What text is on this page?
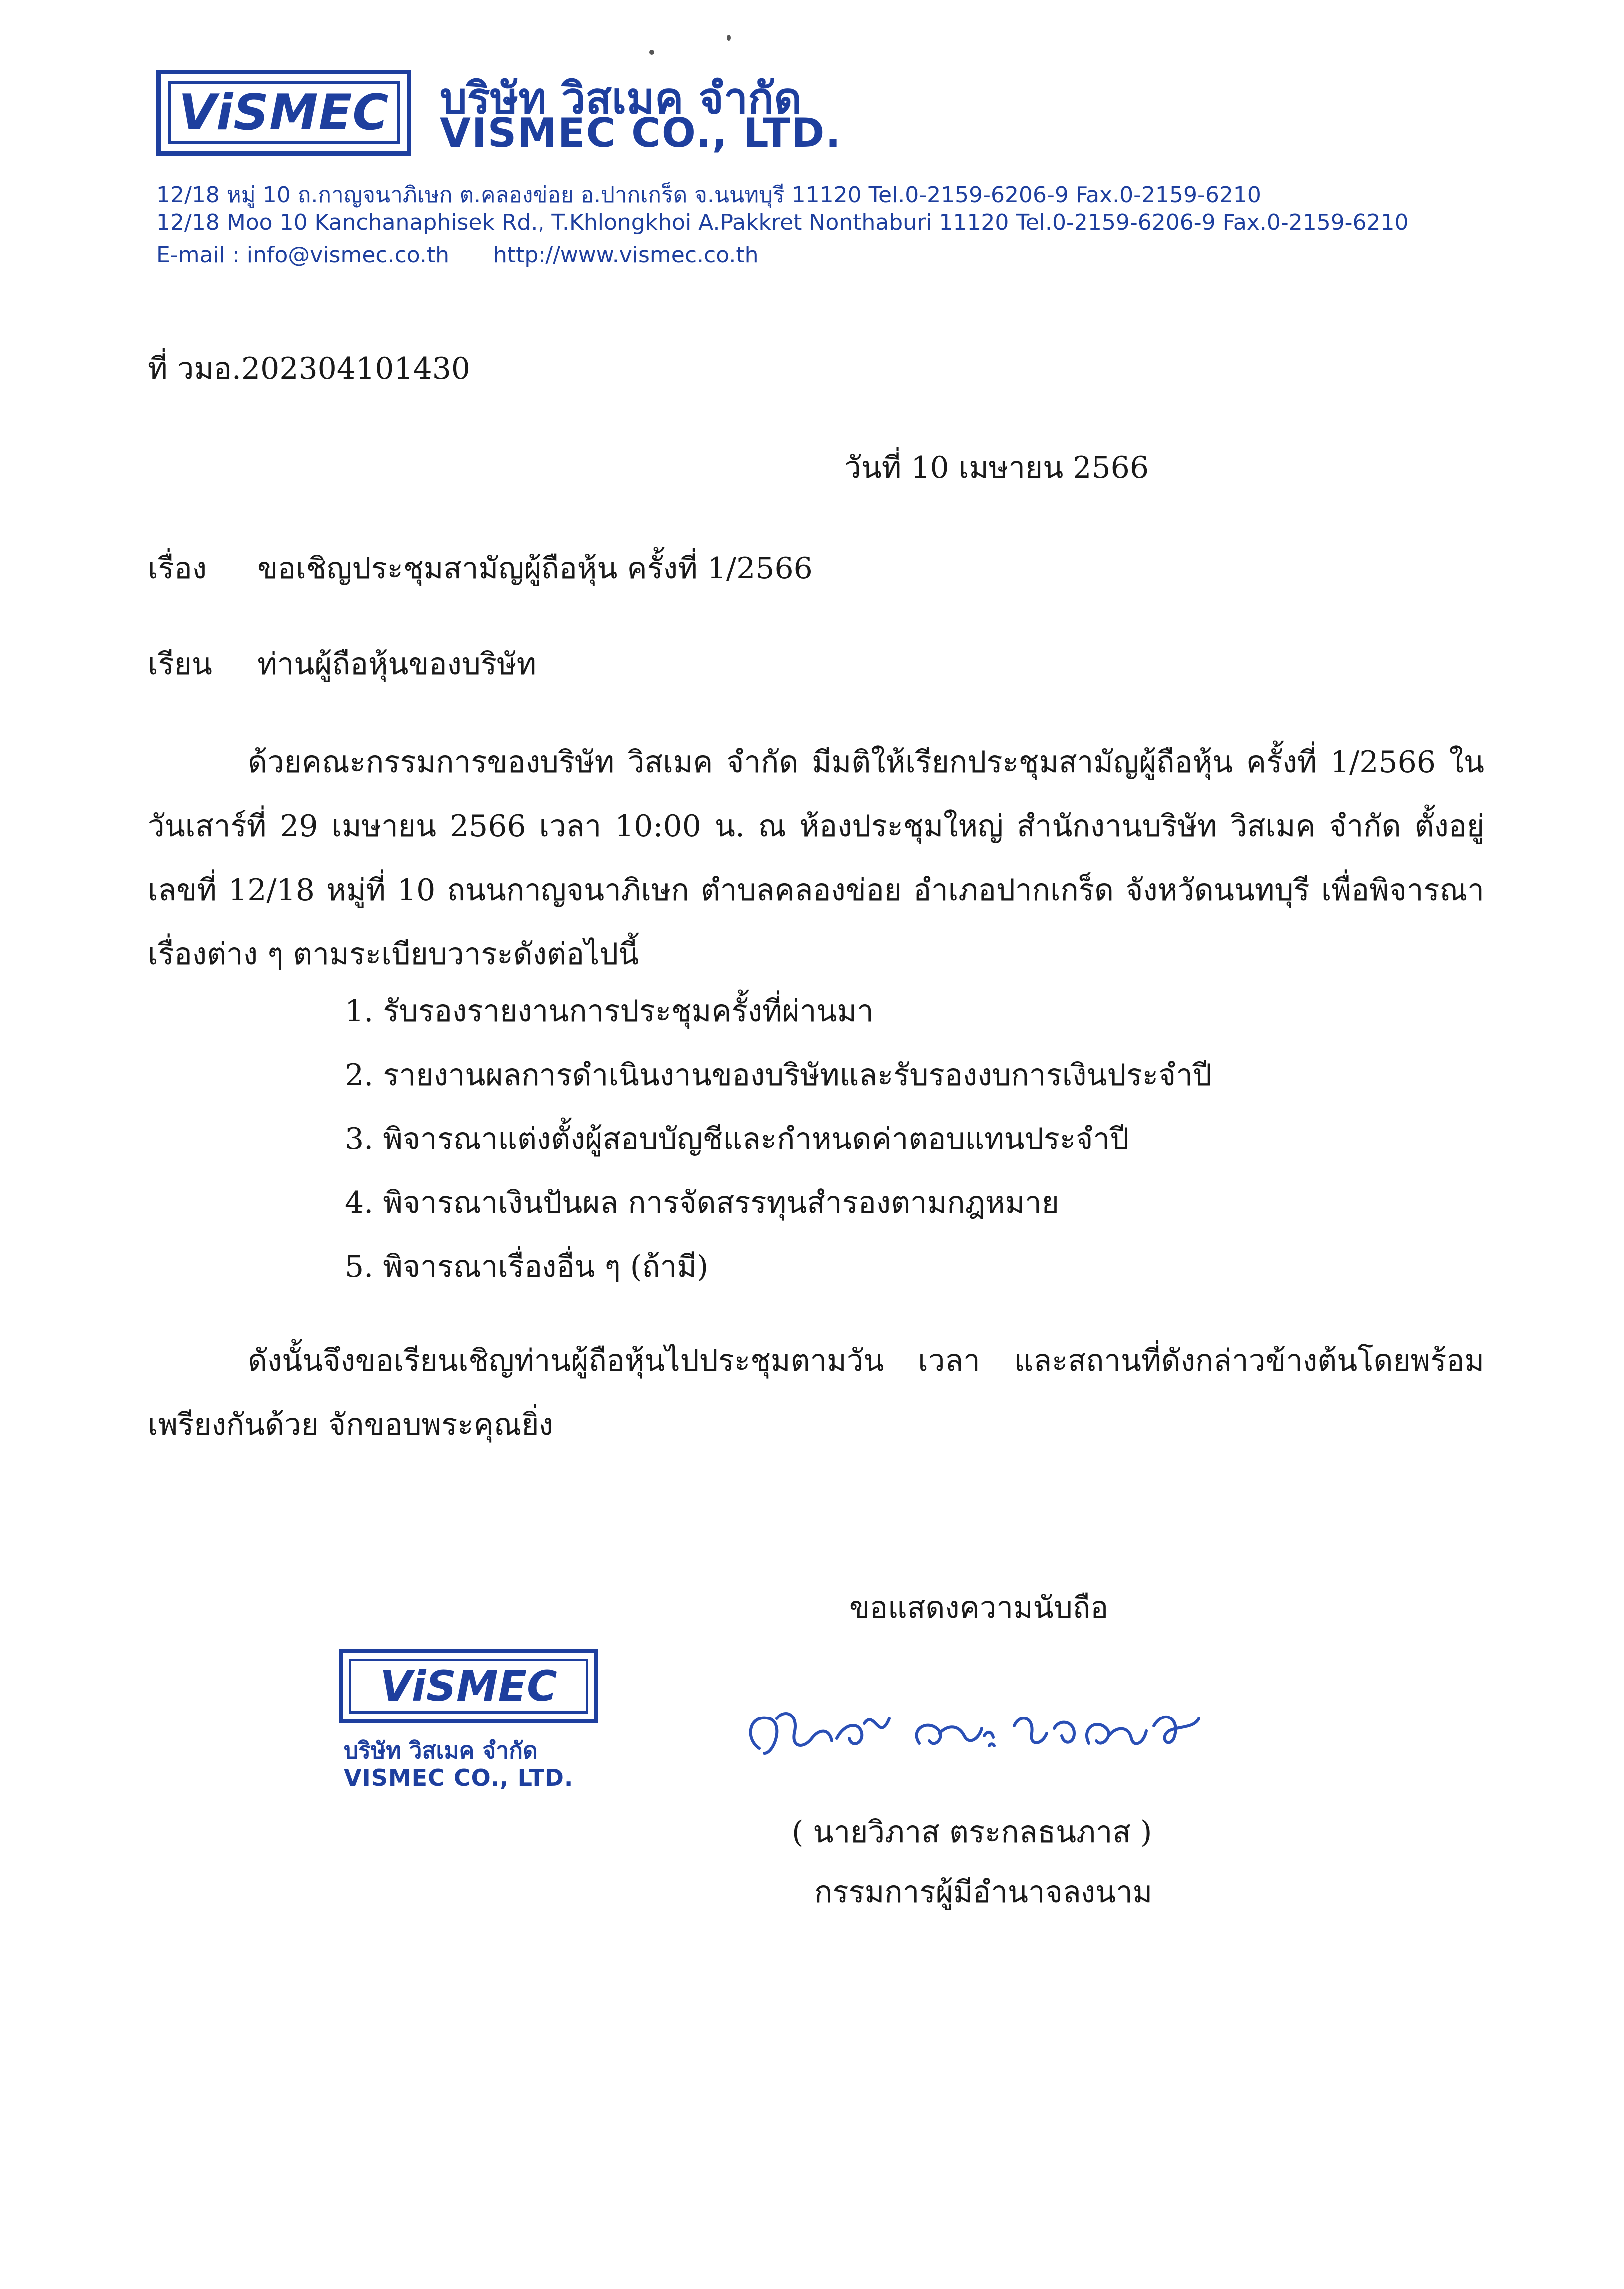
ViSMEC บริษัท วิสเมค จำกัด
VISMEC CO., LTD.
12/18 หมู่ 10 ถ.กาญจนาภิเษก ต.คลองข่อย อ.ปากเกร็ด จ.นนทบุรี 11120 Tel.0-2159-6206-9 Fax.0-2159-6210
12/18 Moo 10 Kanchanaphisek Rd., T.Khlongkhoi A.Pakkret Nonthaburi 11120 Tel.0-2159-6206-9 Fax.0-2159-6210
E-mail : info@vismec.co.th http://www.vismec.co.th
ที่ วมอ.202304101430
วันที่ 10 เมษายน 2566
เรื่อง ขอเชิญประชุมสามัญผู้ถือหุ้น ครั้งที่ 1/2566
เรียน ท่านผู้ถือหุ้นของบริษัท
ด้วยคณะกรรมการของบริษัท วิสเมค จำกัด มีมติให้เรียกประชุมสามัญผู้ถือหุ้น ครั้งที่ 1/2566 ในวันเสาร์ที่ 29 เมษายน 2566 เวลา 10:00 น. ณ ห้องประชุมใหญ่ สำนักงานบริษัท วิสเมค จำกัด ตั้งอยู่เลขที่ 12/18 หมู่ที่ 10 ถนนกาญจนาภิเษก ตำบลคลองข่อย อำเภอปากเกร็ด จังหวัดนนทบุรี เพื่อพิจารณาเรื่องต่าง ๆ ตามระเบียบวาระดังต่อไปนี้
1. รับรองรายงานการประชุมครั้งที่ผ่านมา
2. รายงานผลการดำเนินงานของบริษัทและรับรองงบการเงินประจำปี
3. พิจารณาแต่งตั้งผู้สอบบัญชีและกำหนดค่าตอบแทนประจำปี
4. พิจารณาเงินปันผล การจัดสรรทุนสำรองตามกฎหมาย
5. พิจารณาเรื่องอื่น ๆ (ถ้ามี)
ดังนั้นจึงขอเรียนเชิญท่านผู้ถือหุ้นไปประชุมตามวัน เวลา และสถานที่ดังกล่าวข้างต้นโดยพร้อมเพรียงกันด้วย จักขอบพระคุณยิ่ง
ขอแสดงความนับถือ
ViSMEC
บริษัท วิสเมค จำกัด
VISMEC CO., LTD.
( นายวิภาส ตระกลธนภาส )
กรรมการผู้มีอำนาจลงนาม
